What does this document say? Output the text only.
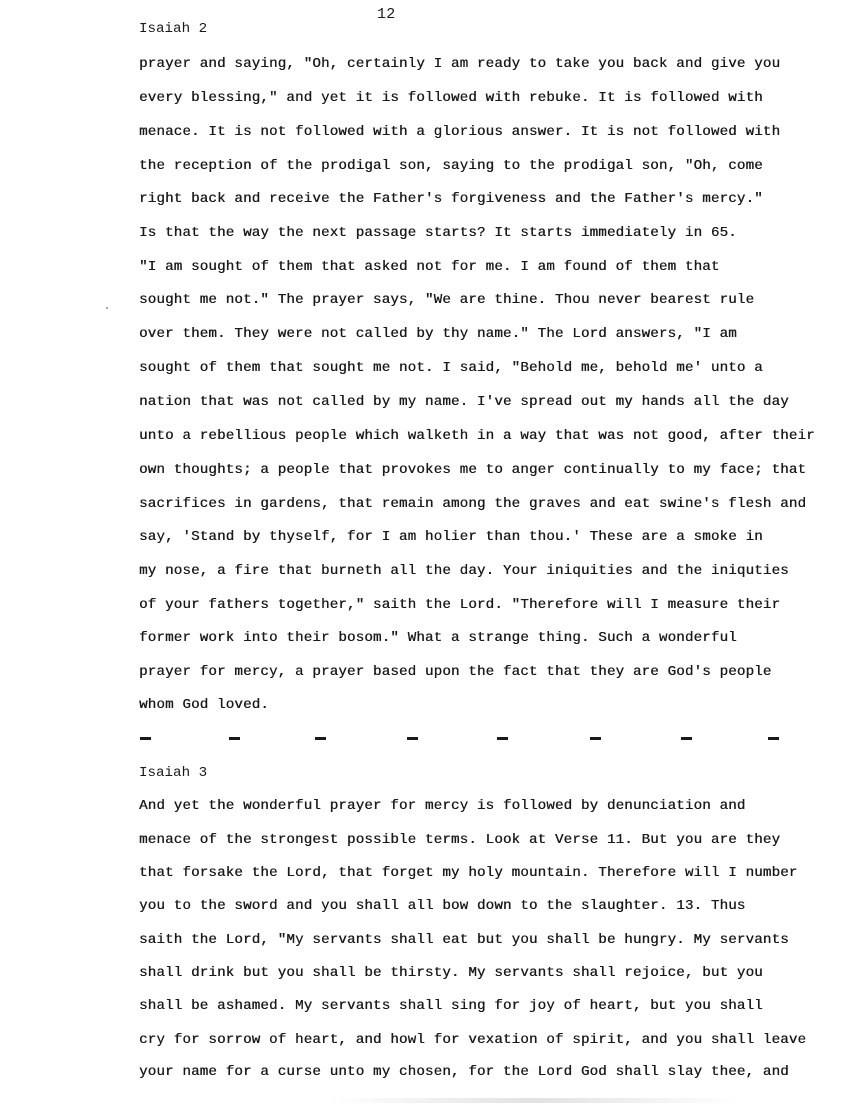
12
Isaiah 2
prayer and saying, "Oh, certainly I am ready to take you back and give you
every blessing," and yet it is followed with rebuke. It is followed with
menace. It is not followed with a glorious answer. It is not followed with
the reception of the prodigal son, saying to the prodigal son, "Oh, come
right back and receive the Father's forgiveness and the Father's mercy."
Is that the way the next passage starts? It starts immediately in 65.
"I am sought of them that asked not for me. I am found of them that
sought me not." The prayer says, "We are thine. Thou never bearest rule
over them. They were not called by thy name." The Lord answers, "I am
sought of them that sought me not. I said, "Behold me, behold me' unto a
nation that was not called by my name. I've spread out my hands all the day
unto a rebellious people which walketh in a way that was not good, after their
own thoughts; a people that provokes me to anger continually to my face; that
sacrifices in gardens, that remain among the graves and eat swine's flesh and
say, 'Stand by thyself, for I am holier than thou.' These are a smoke in
my nose, a fire that burneth all the day. Your iniquities and the iniquties
of your fathers together," saith the Lord. "Therefore will I measure their
former work into their bosom." What a strange thing. Such a wonderful
prayer for mercy, a prayer based upon the fact that they are God's people
whom God loved.
Isaiah 3
And yet the wonderful prayer for mercy is followed by denunciation and
menace of the strongest possible terms. Look at Verse 11. But you are they
that forsake the Lord, that forget my holy mountain. Therefore will I number
you to the sword and you shall all bow down to the slaughter. 13. Thus
saith the Lord, "My servants shall eat but you shall be hungry. My servants
shall drink but you shall be thirsty. My servants shall rejoice, but you
shall be ashamed. My servants shall sing for joy of heart, but you shall
cry for sorrow of heart, and howl for vexation of spirit, and you shall leave
your name for a curse unto my chosen, for the Lord God shall slay thee, and
